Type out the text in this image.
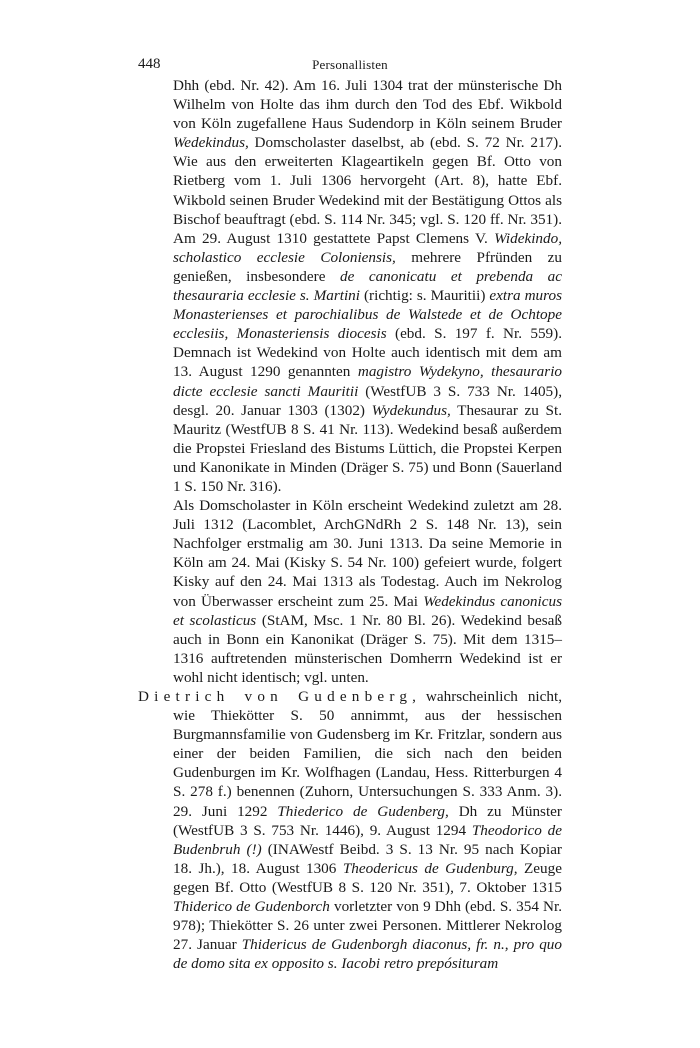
448	Personallisten

Dhh (ebd. Nr. 42). Am 16. Juli 1304 trat der münsterische Dh Wilhelm von Holte das ihm durch den Tod des Ebf. Wikbold von Köln zugefallene Haus Sudendorp in Köln seinem Bruder Wedekindus, Domscholaster daselbst, ab (ebd. S. 72 Nr. 217). Wie aus den erweiterten Klageartikeln gegen Bf. Otto von Rietberg vom 1. Juli 1306 hervorgeht (Art. 8), hatte Ebf. Wikbold seinen Bruder Wedekind mit der Bestätigung Ottos als Bischof beauftragt (ebd. S. 114 Nr. 345; vgl. S. 120 ff. Nr. 351). Am 29. August 1310 gestattete Papst Clemens V. Widekindo, scholastico ecclesie Coloniensis, mehrere Pfründen zu genießen, insbesondere de canonicatu et prebenda ac thesauraria ecclesie s. Martini (richtig: s. Mauritii) extra muros Monasterienses et parochialibus de Walstede et de Ochtope ecclesiis, Monasteriensis diocesis (ebd. S. 197 f. Nr. 559). Demnach ist Wedekind von Holte auch identisch mit dem am 13. August 1290 genannten magistro Wydekyno, thesaurario dicte ecclesie sancti Mauritii (WestfUB 3 S. 733 Nr. 1405), desgl. 20. Januar 1303 (1302) Wydekundus, Thesaurar zu St. Mauritz (WestfUB 8 S. 41 Nr. 113). Wedekind besaß außerdem die Propstei Friesland des Bistums Lüttich, die Propstei Kerpen und Kanonikate in Minden (Dräger S. 75) und Bonn (Sauerland 1 S. 150 Nr. 316).

Als Domscholaster in Köln erscheint Wedekind zuletzt am 28. Juli 1312 (Lacomblet, ArchGNdRh 2 S. 148 Nr. 13), sein Nachfolger erstmalig am 30. Juni 1313. Da seine Memorie in Köln am 24. Mai (Kisky S. 54 Nr. 100) gefeiert wurde, folgert Kisky auf den 24. Mai 1313 als Todestag. Auch im Nekrolog von Überwasser erscheint zum 25. Mai Wedekindus canonicus et scolasticus (StAM, Msc. 1 Nr. 80 Bl. 26). Wedekind besaß auch in Bonn ein Kanonikat (Dräger S. 75). Mit dem 1315–1316 auftretenden münsterischen Domherrn Wedekind ist er wohl nicht identisch; vgl. unten.

Dietrich von Gudenberg, wahrscheinlich nicht, wie Thiekötter S. 50 annimmt, aus der hessischen Burgmannsfamilie von Gudensberg im Kr. Fritzlar, sondern aus einer der beiden Familien, die sich nach den beiden Gudenburgen im Kr. Wolfhagen (Landau, Hess. Ritterburgen 4 S. 278 f.) benennen (Zuhorn, Untersuchungen S. 333 Anm. 3). 29. Juni 1292 Thiederico de Gudenberg, Dh zu Münster (WestfUB 3 S. 753 Nr. 1446), 9. August 1294 Theodorico de Budenbruh (!) (INAWestf Beibd. 3 S. 13 Nr. 95 nach Kopiar 18. Jh.), 18. August 1306 Theodericus de Gudenburg, Zeuge gegen Bf. Otto (WestfUB 8 S. 120 Nr. 351), 7. Oktober 1315 Thiderico de Gudenborch vorletzter von 9 Dhh (ebd. S. 354 Nr. 978); Thiekötter S. 26 unter zwei Personen. Mittlerer Nekrolog 27. Januar Thidericus de Gudenborgh diaconus, fr. n., pro quo de domo sita ex opposito s. Iacobi retro prepósituram
